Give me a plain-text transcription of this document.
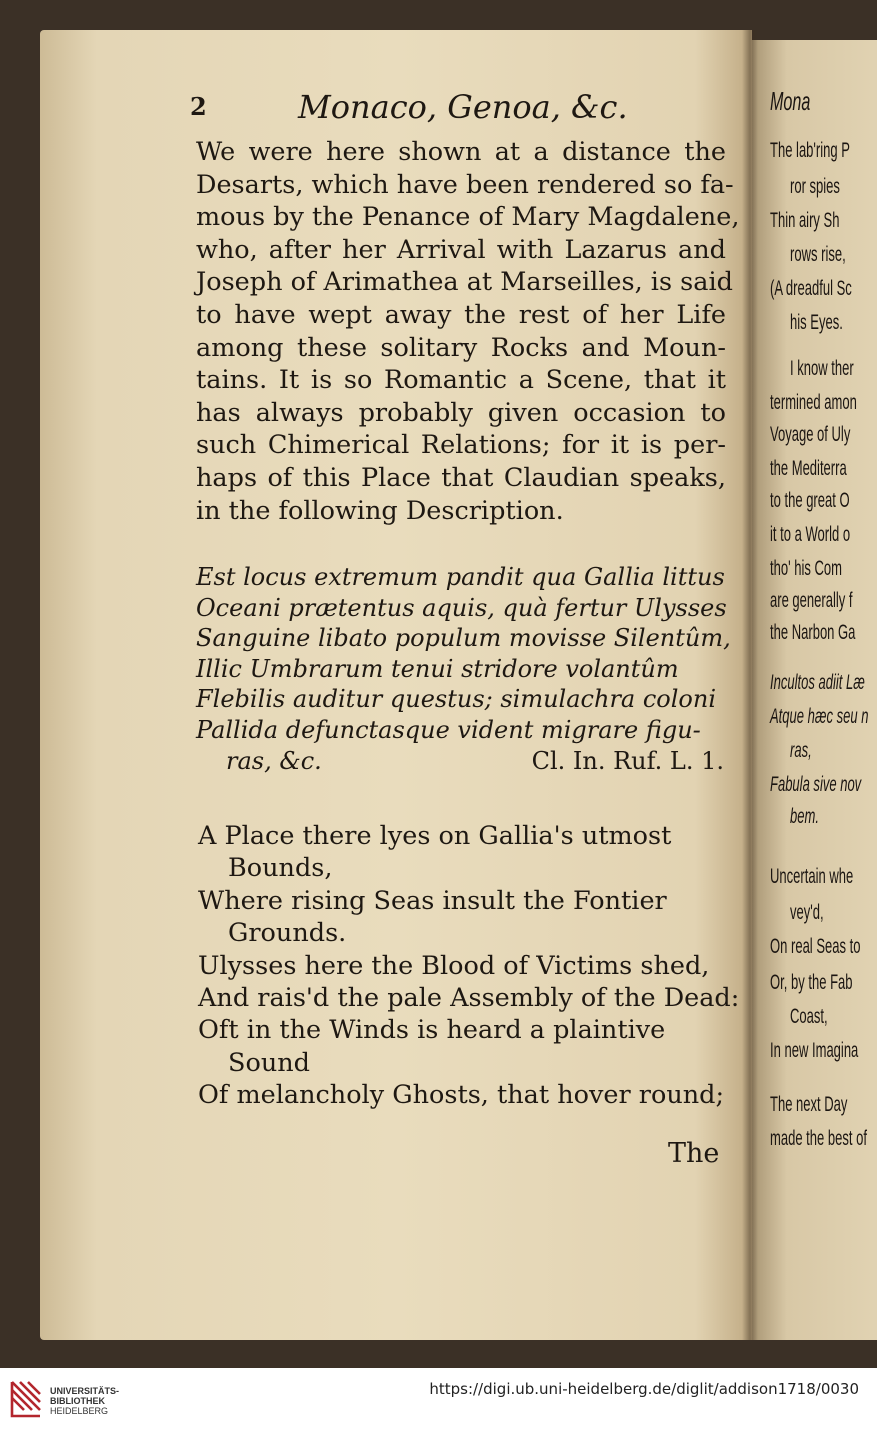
2	Monaco, Genoa, &c.
We were here shown at a distance the
Desarts, which have been rendered so fa-
mous by the Penance of Mary Magdalene,
who, after her Arrival with Lazarus and
Joseph of Arimathea at Marseilles, is said
to have wept away the rest of her Life
among these solitary Rocks and Moun-
tains. It is so Romantic a Scene, that it
has always probably given occasion to
such Chimerical Relations; for it is per-
haps of this Place that Claudian speaks,
in the following Description.
Est locus extremum pandit qua Gallia littus
Oceani prætentus aquis, quà fertur Ulysses
Sanguine libato populum movisse Silentûm,
Illic Umbrarum tenui stridore volantûm
Flebilis auditur questus; simulachra coloni
Pallida defunctasque vident migrare figu-
ras, &c.	Cl. In. Ruf. L. 1.
A Place there lyes on Gallia's utmost
Bounds,
Where rising Seas insult the Fontier
Grounds.
Ulysses here the Blood of Victims shed,
And rais'd the pale Assembly of the Dead:
Oft in the Winds is heard a plaintive
Sound
Of melancholy Ghosts, that hover round;
The
Mona
The lab'ring P
ror spies
Thin airy Sh
rows rise,
(A dreadful Sc
his Eyes.
I know ther
termined amon
Voyage of Uly
the Mediterra
to the great O
it to a World o
tho' his Com
are generally f
the Narbon Ga
Incultos adiit Læ
Atque hæc seu n
ras,
Fabula sive nov
bem.
Uncertain whe
vey'd,
On real Seas to
Or, by the Fab
Coast,
In new Imagina
The next Day
made the best of
UNIVERSITÄTS-
BIBLIOTHEK
HEIDELBERG
https://digi.ub.uni-heidelberg.de/diglit/addison1718/0030
